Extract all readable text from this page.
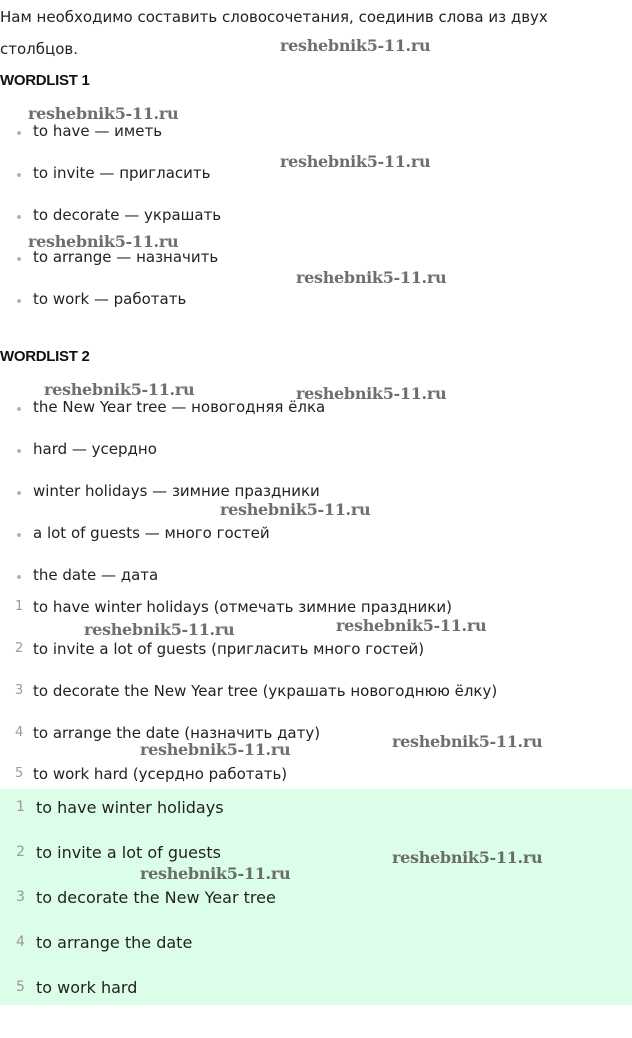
Нам необходимо составить словосочетания, соединив слова из двух
столбцов.
WORDLIST 1
to have — иметь
to invite — пригласить
to decorate — украшать
to arrange — назначить
to work — работать
WORDLIST 2
the New Year tree — новогодняя ёлка
hard — усердно
winter holidays — зимние праздники
a lot of guests — много гостей
the date — дата
1 to have winter holidays (отмечать зимние праздники)
2 to invite a lot of guests (пригласить много гостей)
3 to decorate the New Year tree (украшать новогоднюю ёлку)
4 to arrange the date (назначить дату)
5 to work hard (усердно работать)
1 to have winter holidays
2 to invite a lot of guests
3 to decorate the New Year tree
4 to arrange the date
5 to work hard
reshebnik5-11.ru
reshebnik5-11.ru
reshebnik5-11.ru
reshebnik5-11.ru
reshebnik5-11.ru
reshebnik5-11.ru	reshebnik5-11.ru
reshebnik5-11.ru
reshebnik5-11.ru	reshebnik5-11.ru
reshebnik5-11.ru	reshebnik5-11.ru
reshebnik5-11.ru
reshebnik5-11.ru
